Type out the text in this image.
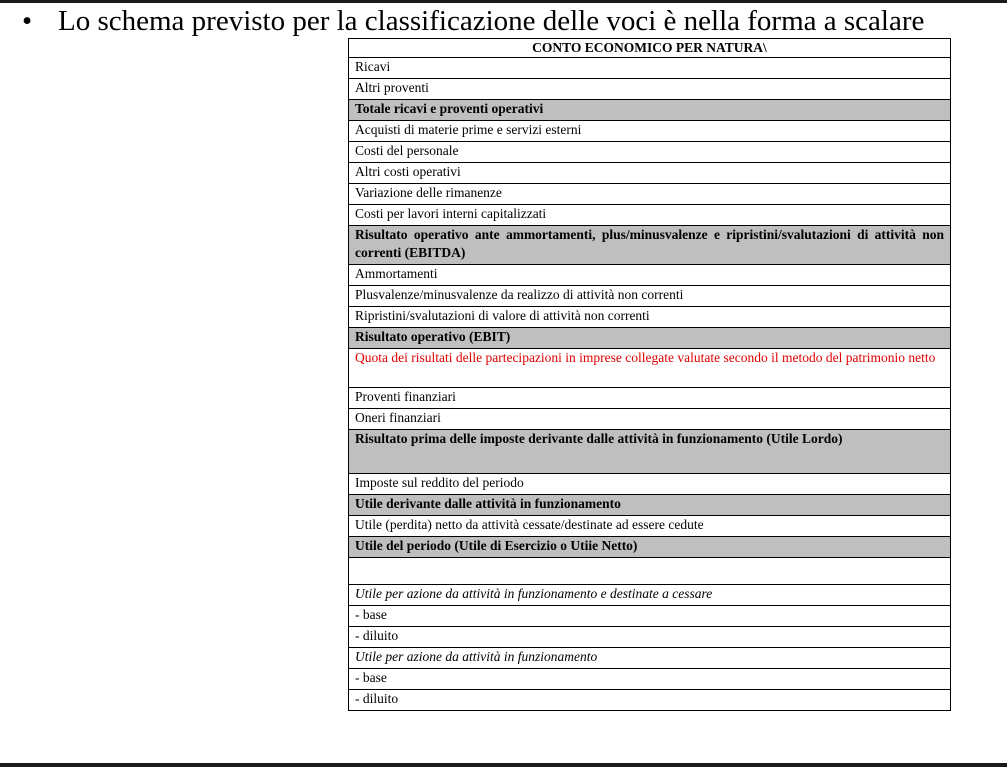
• Lo schema previsto per la classificazione delle voci è nella forma a scalare
CONTO ECONOMICO PER NATURA\
Ricavi
Altri proventi
Totale ricavi e proventi operativi
Acquisti di materie prime e servizi esterni
Costi del personale
Altri costi operativi
Variazione delle rimanenze
Costi per lavori interni capitalizzati
Risultato operativo ante ammortamenti, plus/minusvalenze e ripristini/svalutazioni di attività non correnti (EBITDA)
Ammortamenti
Plusvalenze/minusvalenze da realizzo di attività non correnti
Ripristini/svalutazioni di valore di attività non correnti
Risultato operativo (EBIT)
Quota dei risultati delle partecipazioni in imprese collegate valutate secondo il metodo del patrimonio netto
Proventi finanziari
Oneri finanziari
Risultato prima delle imposte derivante dalle attività in funzionamento (Utile Lordo)
Imposte sul reddito del periodo
Utile derivante dalle attività in funzionamento
Utile (perdita) netto da attività cessate/destinate ad essere cedute
Utile del periodo (Utile di Esercizio o Utiie Netto)

Utile per azione da attività in funzionamento e destinate a cessare
- base
- diluito
Utile per azione da attività in funzionamento
- base
- diluito
